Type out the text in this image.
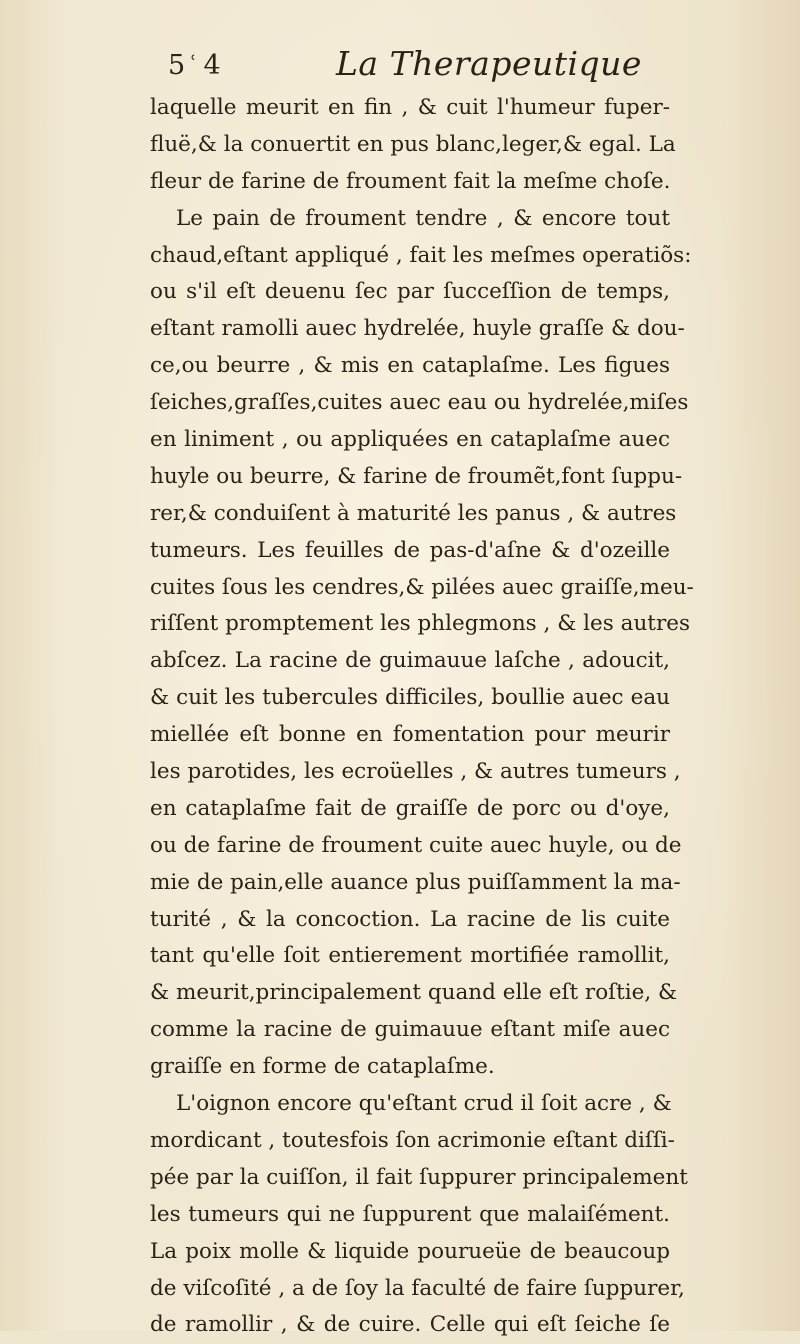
5 ͑ 4	La Therapeutique
laquelle meurit en fin , & cuit l'humeur fuper-
fluë,& la conuertit en pus blanc,leger,& egal. La
fleur de farine de froument fait la meſme choſe.
Le pain de froument tendre , & encore tout
chaud,eſtant appliqué , fait les meſmes operatiõs:
ou s'il eſt deuenu ſec par ſucceſſion de temps,
eſtant ramolli auec hydrelée, huyle graſſe & dou-
ce,ou beurre , & mis en cataplaſme. Les figues
ſeiches,graſſes,cuites auec eau ou hydrelée,miſes
en liniment , ou appliquées en cataplaſme auec
huyle ou beurre, & farine de froumẽt,font ſuppu-
rer,& conduiſent à maturité les panus , & autres
tumeurs. Les feuilles de pas-d'aſne & d'ozeille
cuites ſous les cendres,& pilées auec graiſſe,meu-
riſſent promptement les phlegmons , & les autres
abſcez. La racine de guimauue laſche , adoucit,
& cuit les tubercules difficiles, boullie auec eau
miellée eſt bonne en fomentation pour meurir
les parotides, les ecroüelles , & autres tumeurs ,
en cataplaſme fait de graiſſe de porc ou d'oye,
ou de farine de froument cuite auec huyle, ou de
mie de pain,elle auance plus puiſſamment la ma-
turité , & la concoction. La racine de lis cuite
tant qu'elle ſoit entierement mortifiée ramollit,
& meurit,principalement quand elle eſt roſtie, &
comme la racine de guimauue eſtant miſe auec
graiſſe en forme de cataplaſme.
L'oignon encore qu'eſtant crud il ſoit acre , &
mordicant , toutesfois ſon acrimonie eſtant diſſi-
pée par la cuiſſon, il fait ſuppurer principalement
les tumeurs qui ne ſuppurent que malaiſément.
La poix molle & liquide pourueüe de beaucoup
de viſcoſité , a de ſoy la faculté de faire ſuppurer,
de ramollir , & de cuire. Celle qui eſt ſeiche ſe
